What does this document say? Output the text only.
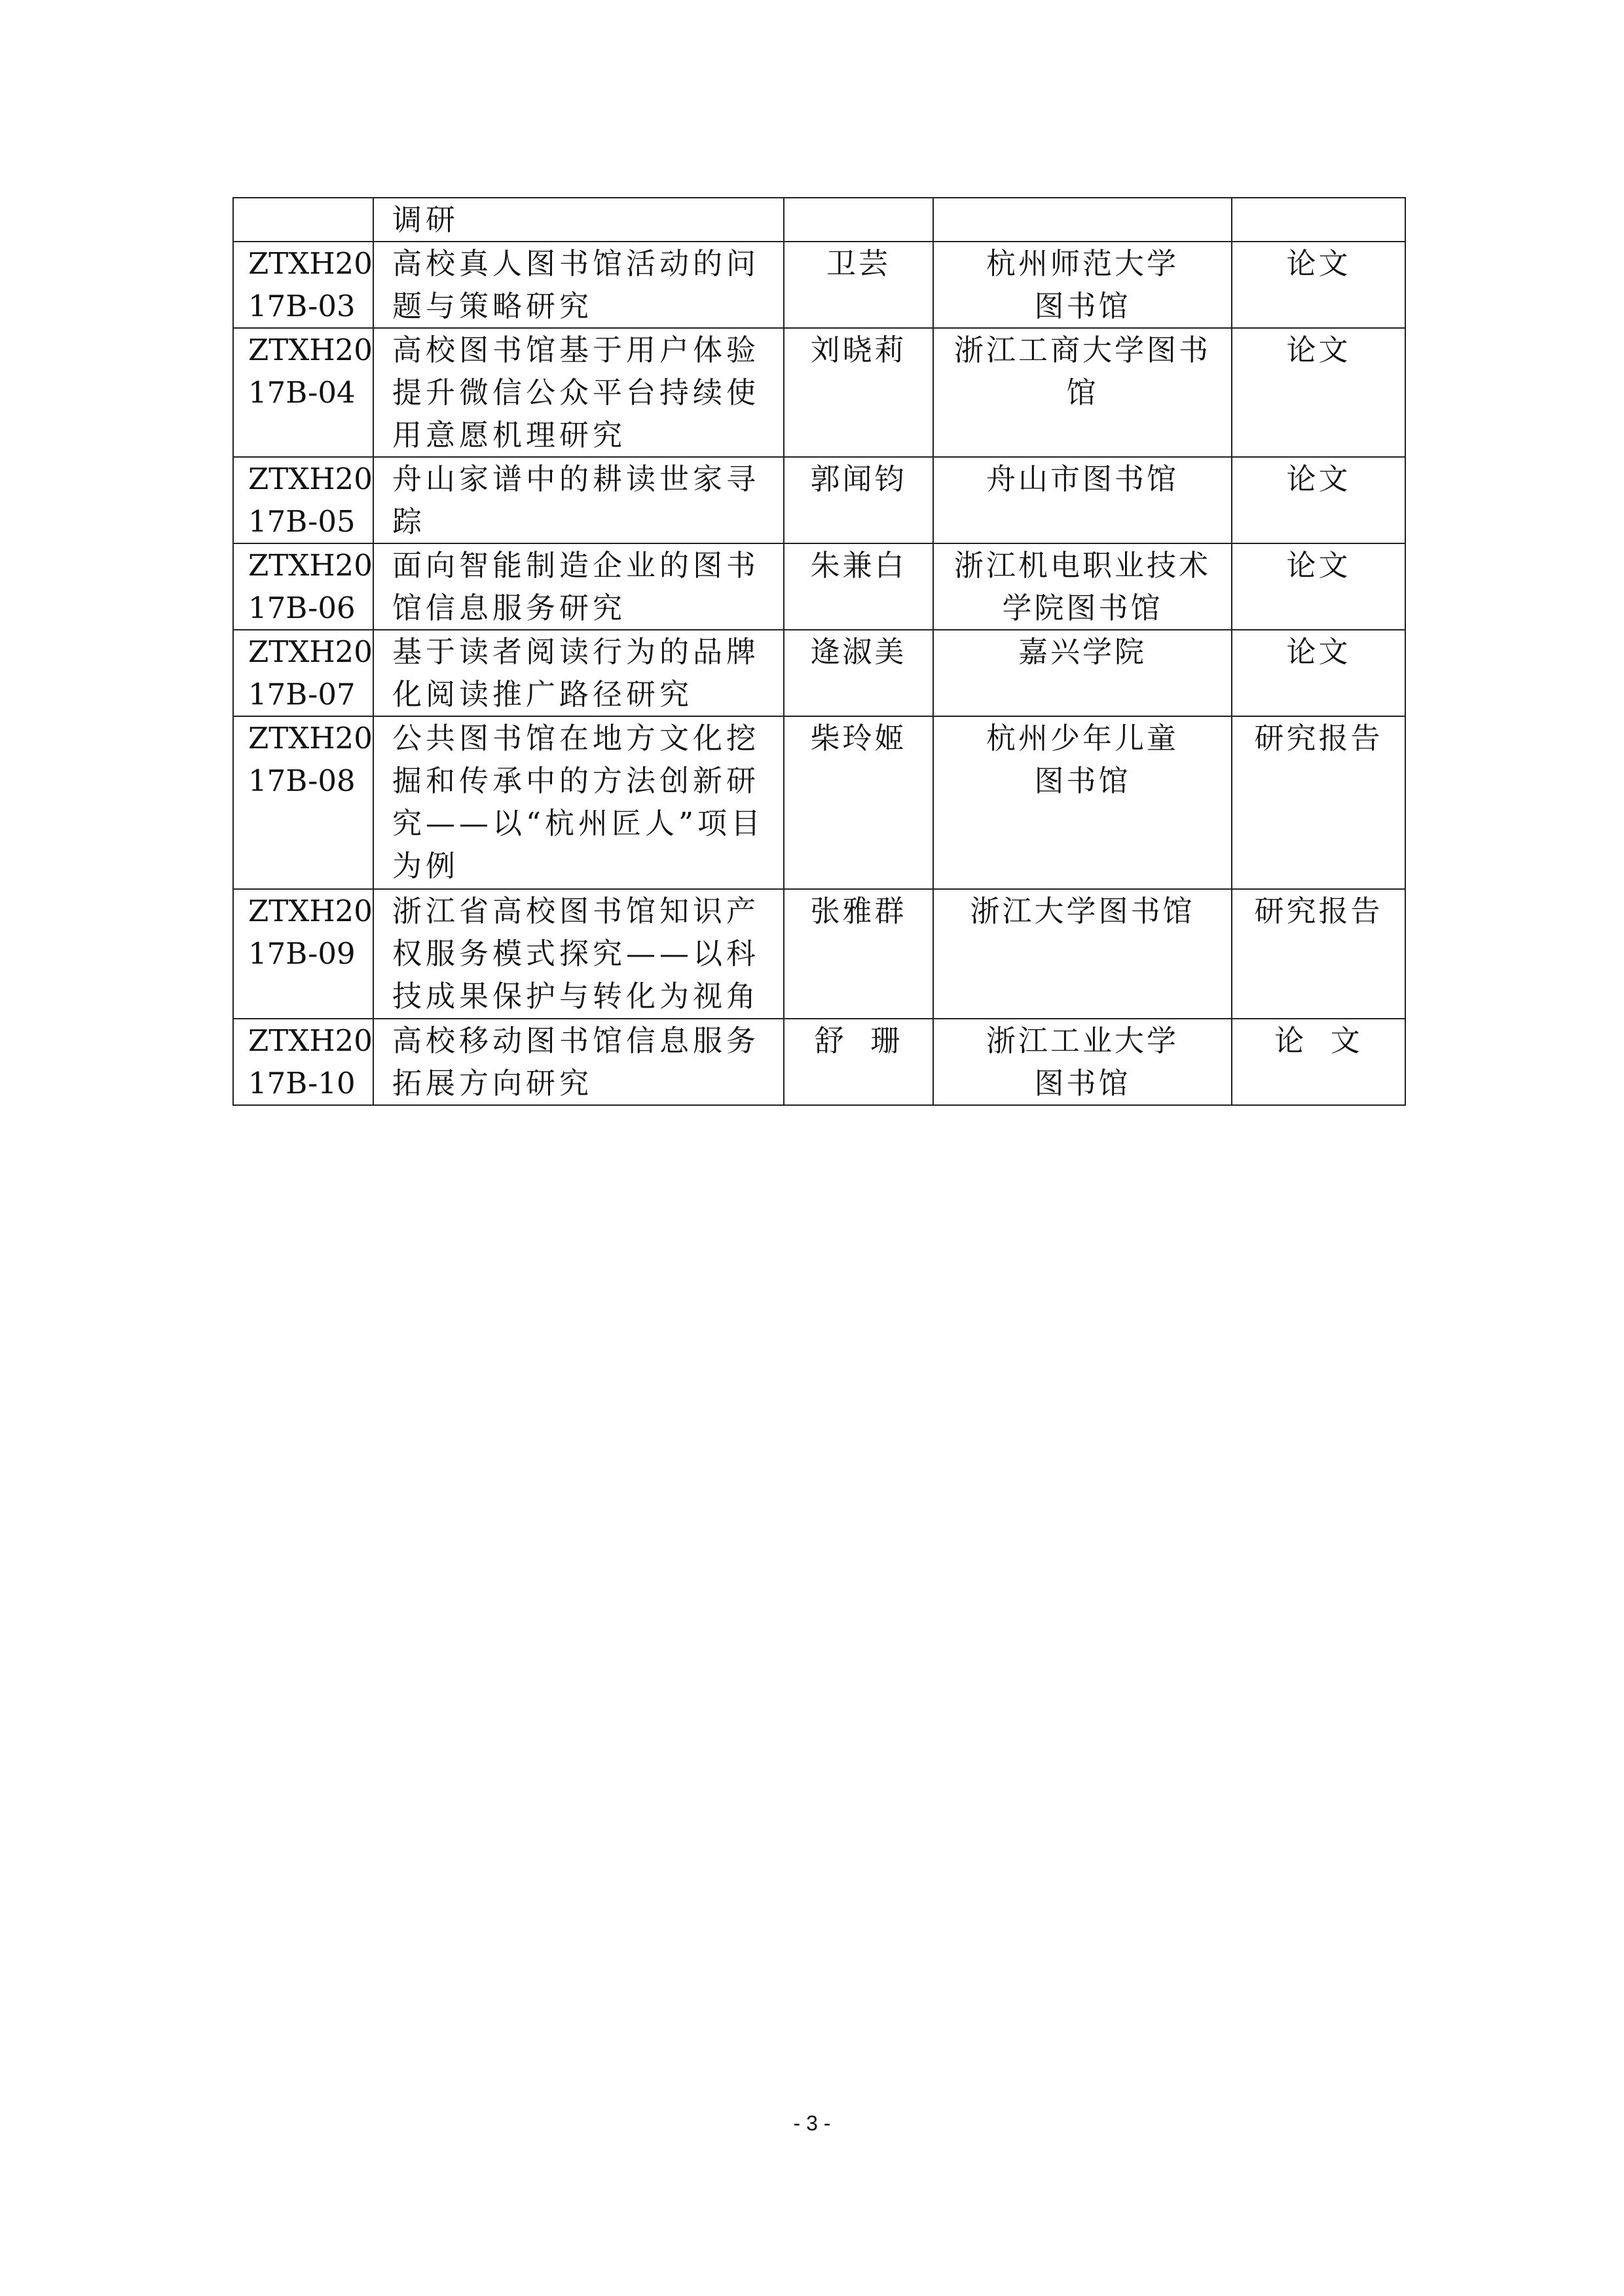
	调研			

ZTXH20
17B-03	高校真人图书馆活动的问
题与策略研究	卫芸	杭州师范大学
图书馆	论文

ZTXH20
17B-04	高校图书馆基于用户体验
提升微信公众平台持续使
用意愿机理研究	刘晓莉	浙江工商大学图书
馆	论文

ZTXH20
17B-05	舟山家谱中的耕读世家寻
踪	郭闻钧	舟山市图书馆	论文

ZTXH20
17B-06	面向智能制造企业的图书
馆信息服务研究	朱兼白	浙江机电职业技术
学院图书馆	论文

ZTXH20
17B-07	基于读者阅读行为的品牌
化阅读推广路径研究	逄淑美	嘉兴学院	论文

ZTXH20
17B-08	公共图书馆在地方文化挖
掘和传承中的方法创新研
究——以“杭州匠人”项目
为例	柴玲姬	杭州少年儿童
图书馆	研究报告

ZTXH20
17B-09	浙江省高校图书馆知识产
权服务模式探究——以科
技成果保护与转化为视角	张雅群	浙江大学图书馆	研究报告

ZTXH20
17B-10	高校移动图书馆信息服务
拓展方向研究	舒  珊	浙江工业大学
图书馆	论  文
- 3 -
